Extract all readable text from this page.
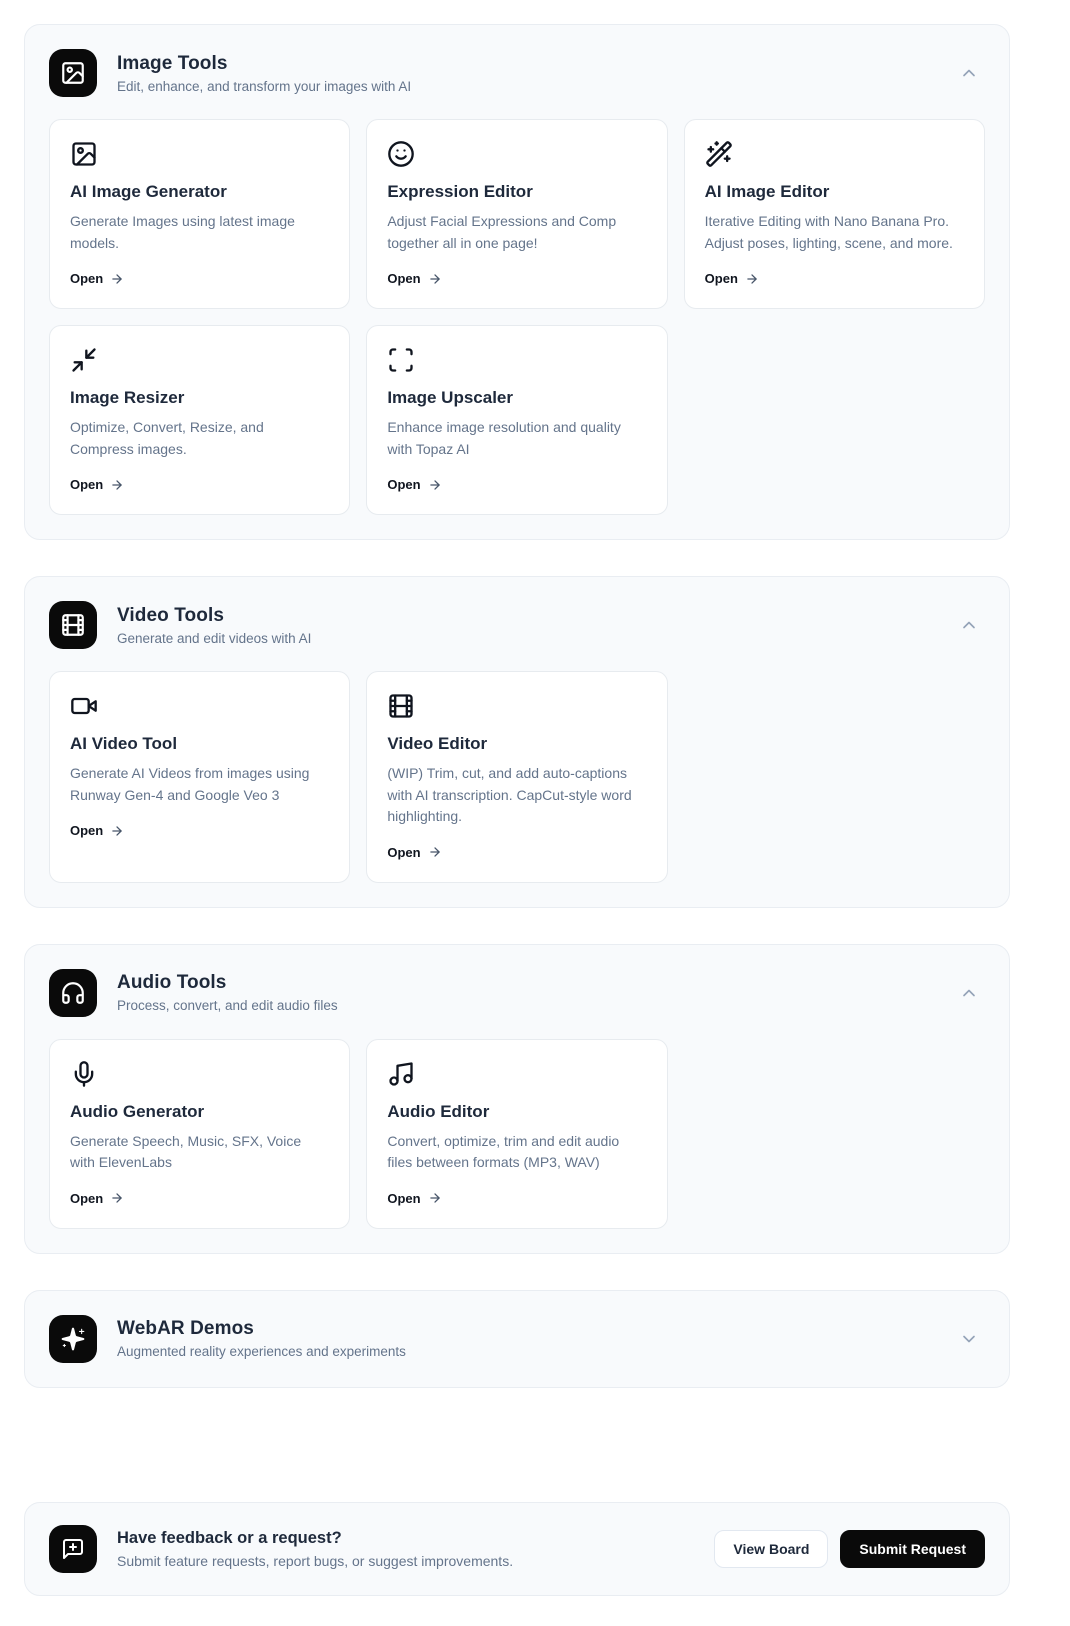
Image Tools
Edit, enhance, and transform your images with AI
AI Image Generator
Generate Images using latest image models.
Open
Expression Editor
Adjust Facial Expressions and Comp together all in one page!
Open
AI Image Editor
Iterative Editing with Nano Banana Pro. Adjust poses, lighting, scene, and more.
Open
Image Resizer
Optimize, Convert, Resize, and Compress images.
Open
Image Upscaler
Enhance image resolution and quality with Topaz AI
Open
Video Tools
Generate and edit videos with AI
AI Video Tool
Generate AI Videos from images using Runway Gen-4 and Google Veo 3
Open
Video Editor
(WIP) Trim, cut, and add auto-captions with AI transcription. CapCut-style word highlighting.
Open
Audio Tools
Process, convert, and edit audio files
Audio Generator
Generate Speech, Music, SFX, Voice with ElevenLabs
Open
Audio Editor
Convert, optimize, trim and edit audio files between formats (MP3, WAV)
Open
WebAR Demos
Augmented reality experiences and experiments
Have feedback or a request?
Submit feature requests, report bugs, or suggest improvements.
View Board	Submit Request
